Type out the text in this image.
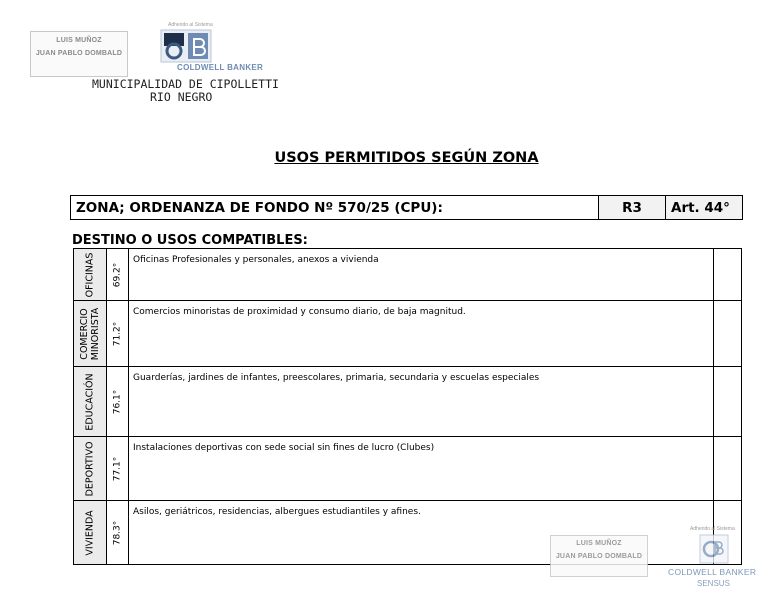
LUIS MUÑOZ

JUAN PABLO DOMBALD

Adherido al Sistema
COLDWELL BANKER
MUNICIPALIDAD DE CIPOLLETTI
RIO NEGRO
USOS PERMITIDOS SEGÚN ZONA
ZONA; ORDENANZA DE FONDO Nº 570/25 (CPU):	R3	Art. 44°
DESTINO O USOS COMPATIBLES:
OFICINAS	69.2°	Oficinas Profesionales y personales, anexos a vivienda	

COMERCIO MINORISTA	71.2°	Comercios minoristas de proximidad y consumo diario, de baja magnitud.	

EDUCACIÓN	76.1°	Guarderías, jardines de infantes, preescolares, primaria, secundaria y escuelas especiales	

DEPORTIVO	77.1°	Instalaciones deportivas con sede social sin fines de lucro (Clubes)	

VIVIENDA	78.3°	Asilos, geriátricos, residencias, albergues estudiantiles y afines.	
LUIS MUÑOZ

JUAN PABLO DOMBALD
Adherido al Sistema
COLDWELL BANKER
SENSUS
